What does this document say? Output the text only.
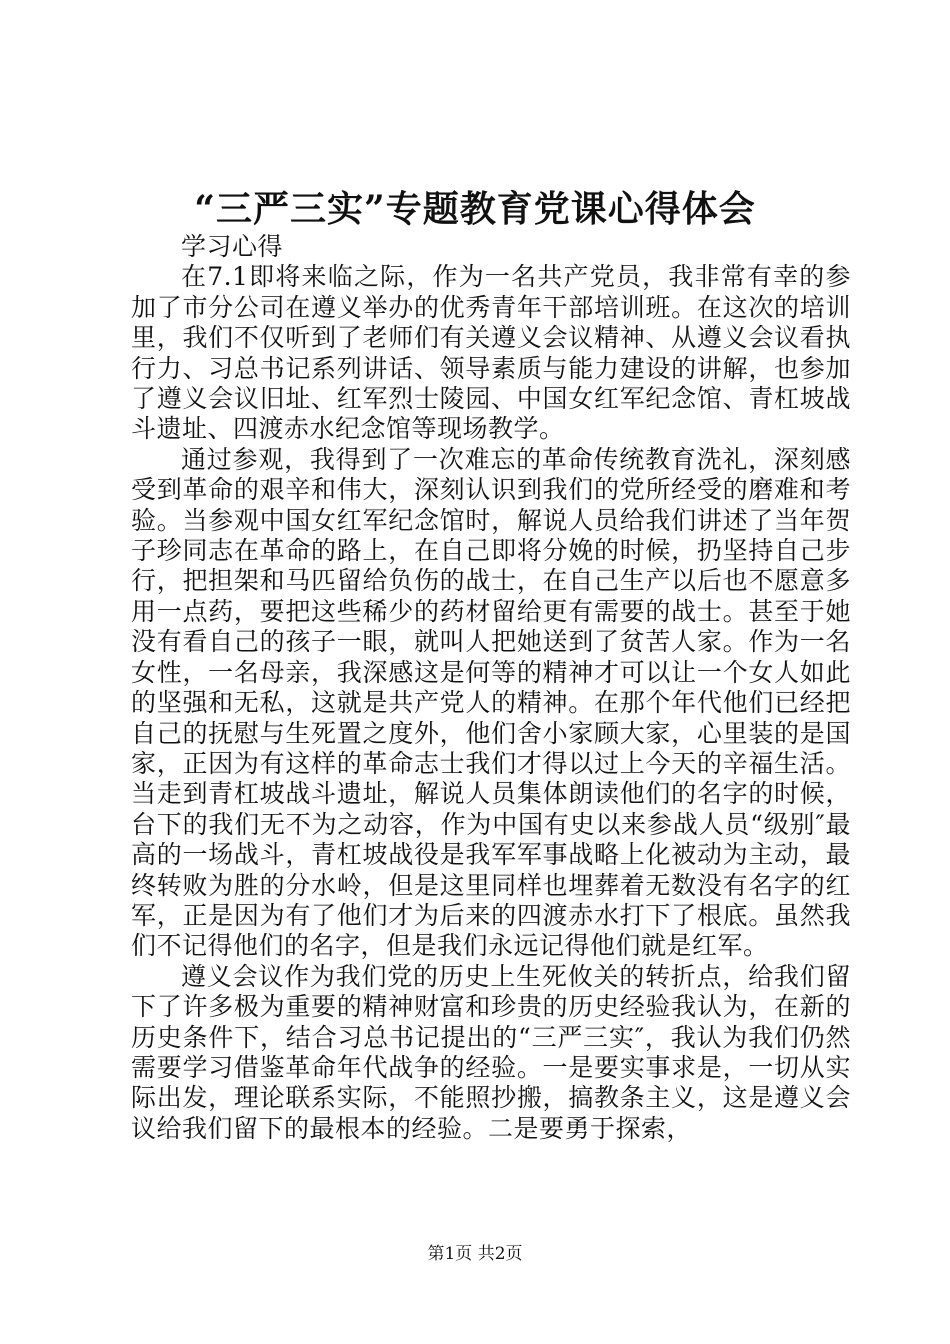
“三严三实”专题教育党课心得体会

学习心得

在7.1即将来临之际，作为一名共产党员，我非常有幸的参加了市分公司在遵义举办的优秀青年干部培训班。在这次的培训里，我们不仅听到了老师们有关遵义会议精神、从遵义会议看执行力、习总书记系列讲话、领导素质与能力建设的讲解，也参加了遵义会议旧址、红军烈士陵园、中国女红军纪念馆、青杠坡战斗遗址、四渡赤水纪念馆等现场教学。

通过参观，我得到了一次难忘的革命传统教育洗礼，深刻感受到革命的艰辛和伟大，深刻认识到我们的党所经受的磨难和考验。当参观中国女红军纪念馆时，解说人员给我们讲述了当年贺子珍同志在革命的路上，在自己即将分娩的时候，扔坚持自己步行，把担架和马匹留给负伤的战士，在自己生产以后也不愿意多用一点药，要把这些稀少的药材留给更有需要的战士。甚至于她没有看自己的孩子一眼，就叫人把她送到了贫苦人家。作为一名女性，一名母亲，我深感这是何等的精神才可以让一个女人如此的坚强和无私，这就是共产党人的精神。在那个年代他们已经把自己的抚慰与生死置之度外，他们舍小家顾大家，心里装的是国家，正因为有这样的革命志士我们才得以过上今天的辛福生活。当走到青杠坡战斗遗址，解说人员集体朗读他们的名字的时候，台下的我们无不为之动容，作为中国有史以来参战人员“级别″最高的一场战斗，青杠坡战役是我军军事战略上化被动为主动，最终转败为胜的分水岭，但是这里同样也埋葬着无数没有名字的红军，正是因为有了他们才为后来的四渡赤水打下了根底。虽然我们不记得他们的名字，但是我们永远记得他们就是红军。

遵义会议作为我们党的历史上生死攸关的转折点，给我们留下了许多极为重要的精神财富和珍贵的历史经验我认为，在新的历史条件下，结合习总书记提出的“三严三实″，我认为我们仍然需要学习借鉴革命年代战争的经验。一是要实事求是，一切从实际出发，理论联系实际，不能照抄搬，搞教条主义，这是遵义会议给我们留下的最根本的经验。二是要勇于探索，

第1页 共2页
